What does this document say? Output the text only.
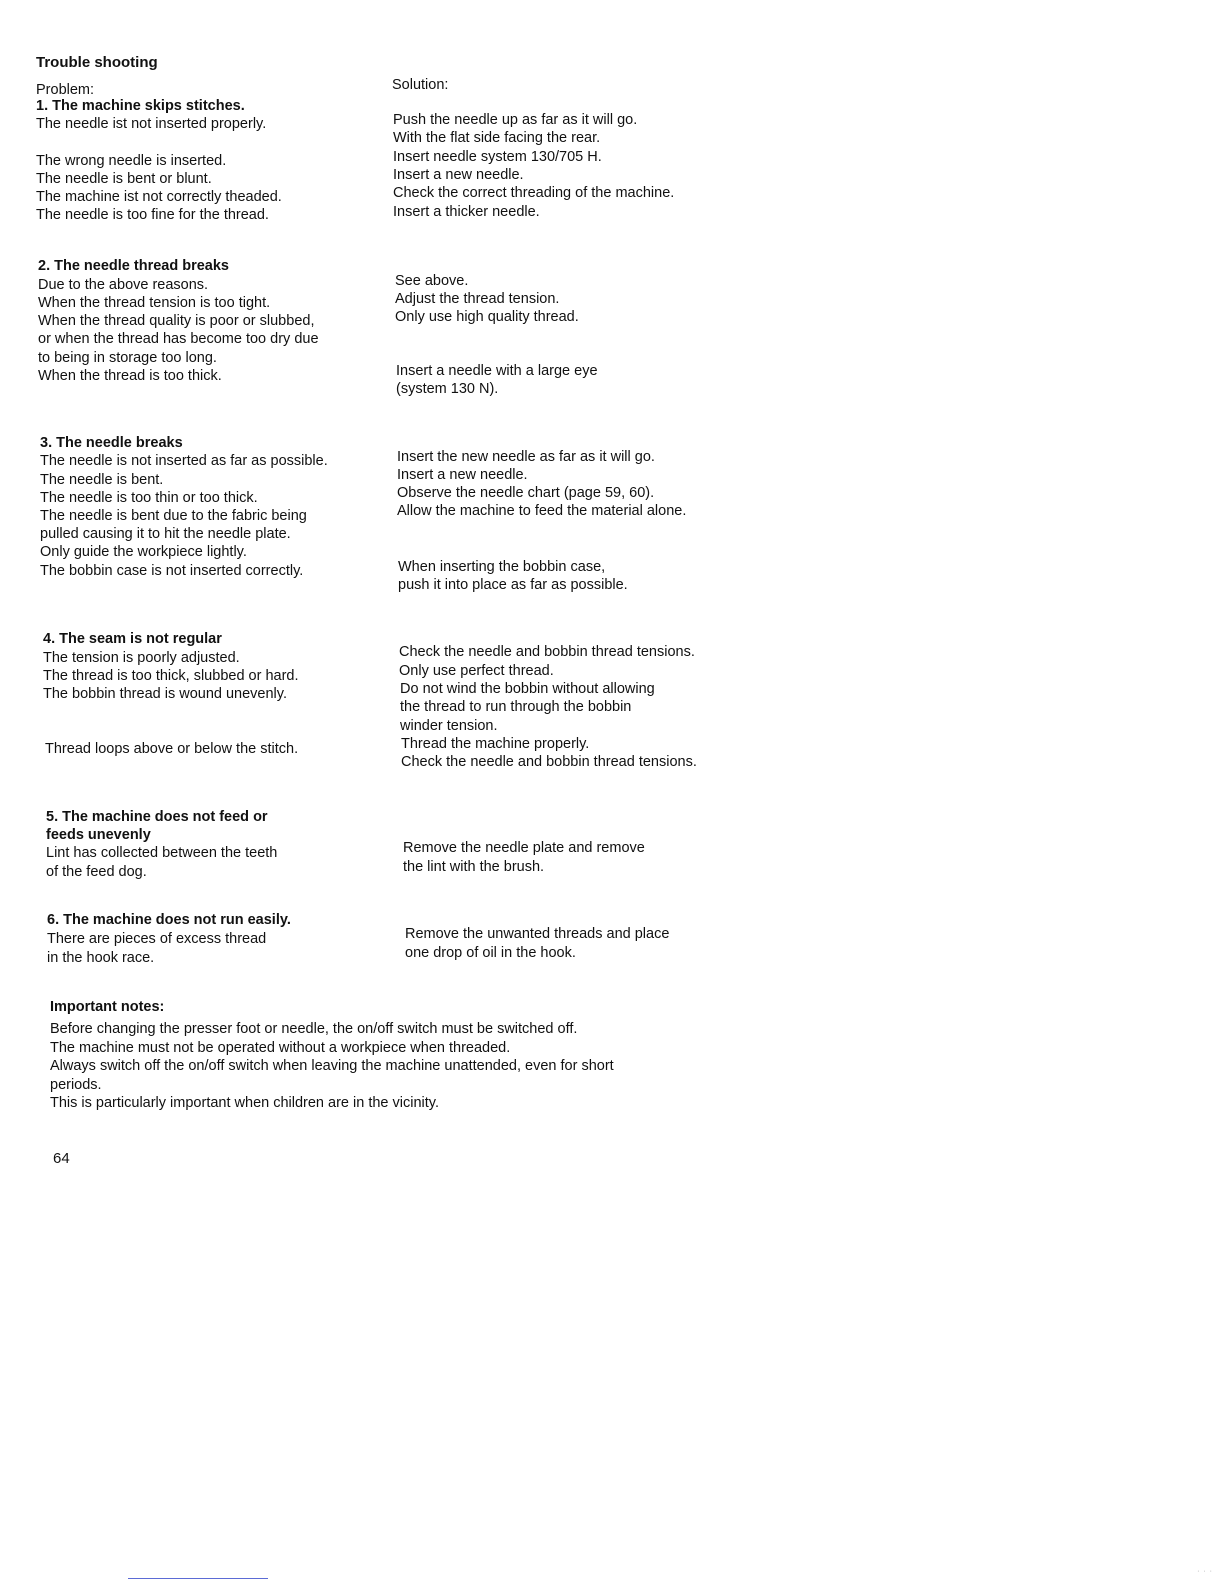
Trouble shooting
Problem:	Solution:
1. The machine skips stitches.
The needle ist not inserted properly.
The wrong needle is inserted.
The needle is bent or blunt.
The machine ist not correctly theaded.
The needle is too fine for the thread.
Push the needle up as far as it will go.
With the flat side facing the rear.
Insert needle system 130/705 H.
Insert a new needle.
Check the correct threading of the machine.
Insert a thicker needle.
2. The needle thread breaks
Due to the above reasons.
When the thread tension is too tight.
When the thread quality is poor or slubbed,
or when the thread has become too dry due
to being in storage too long.
When the thread is too thick.
See above.
Adjust the thread tension.
Only use high quality thread.
Insert a needle with a large eye
(system 130 N).
3. The needle breaks
The needle is not inserted as far as possible.
The needle is bent.
The needle is too thin or too thick.
The needle is bent due to the fabric being
pulled causing it to hit the needle plate.
Only guide the workpiece lightly.
The bobbin case is not inserted correctly.
Insert the new needle as far as it will go.
Insert a new needle.
Observe the needle chart (page 59, 60).
Allow the machine to feed the material alone.
When inserting the bobbin case,
push it into place as far as possible.
4. The seam is not regular
The tension is poorly adjusted.
The thread is too thick, slubbed or hard.
The bobbin thread is wound unevenly.
Thread loops above or below the stitch.
Check the needle and bobbin thread tensions.
Only use perfect thread.
Do not wind the bobbin without allowing
the thread to run through the bobbin
winder tension.
Thread the machine properly.
Check the needle and bobbin thread tensions.
5. The machine does not feed or
feeds unevenly
Lint has collected between the teeth
of the feed dog.
Remove the needle plate and remove
the lint with the brush.
6. The machine does not run easily.
There are pieces of excess thread
in the hook race.
Remove the unwanted threads and place
one drop of oil in the hook.
Important notes:
Before changing the presser foot or needle, the on/off switch must be switched off.
The machine must not be operated without a workpiece when threaded.
Always switch off the on/off switch when leaving the machine unattended, even for short
periods.
This is particularly important when children are in the vicinity.
64
· · ·
